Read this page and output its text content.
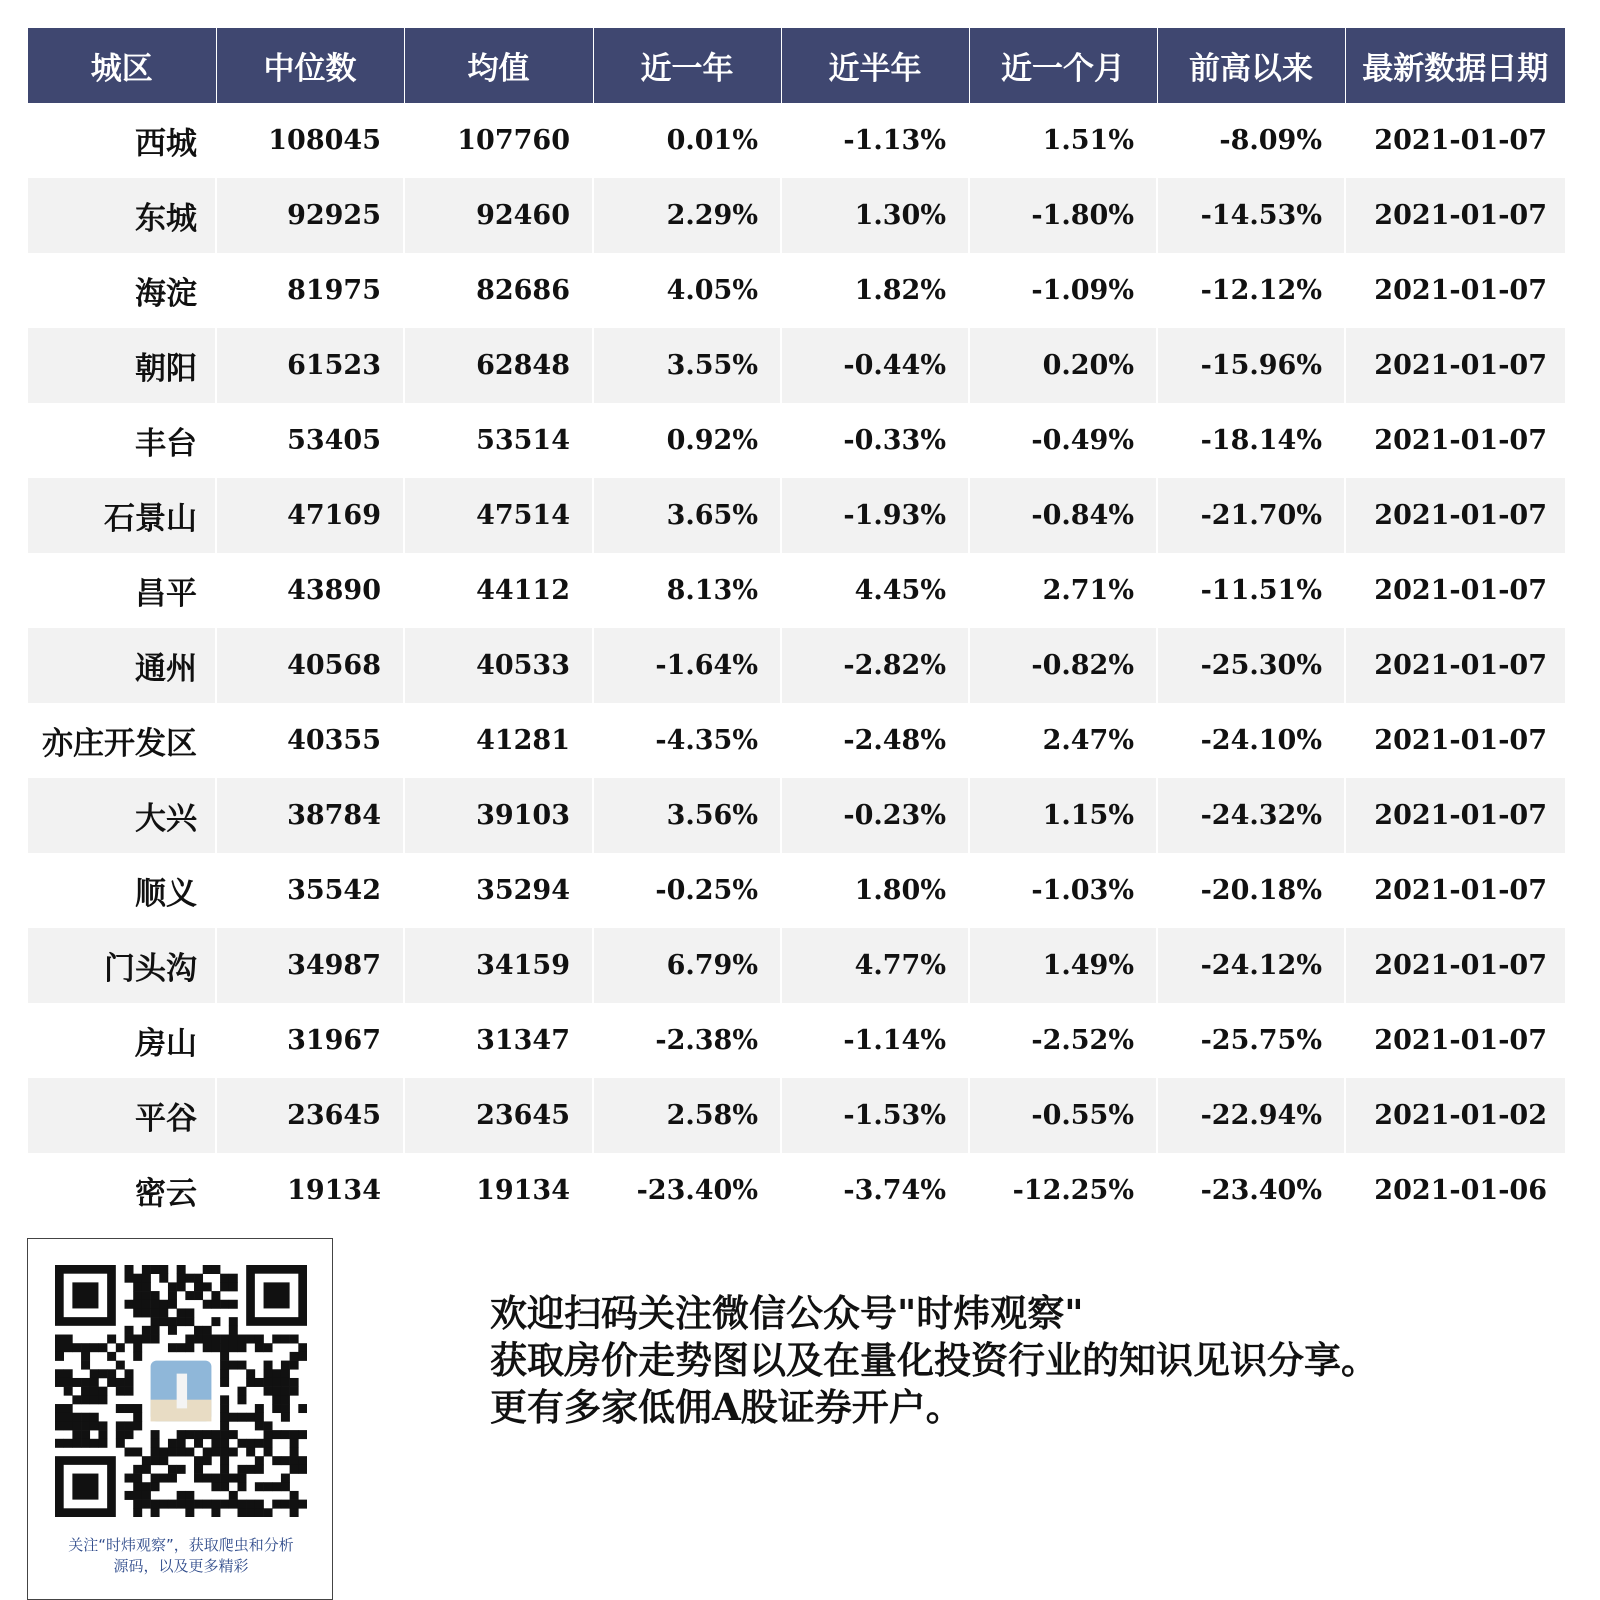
城区	中位数	均值	近一年	近半年	近一个月	前高以来	最新数据日期
西城	108045	107760	0.01%	-1.13%	1.51%	-8.09%	2021-01-07
东城	92925	92460	2.29%	1.30%	-1.80%	-14.53%	2021-01-07
海淀	81975	82686	4.05%	1.82%	-1.09%	-12.12%	2021-01-07
朝阳	61523	62848	3.55%	-0.44%	0.20%	-15.96%	2021-01-07
丰台	53405	53514	0.92%	-0.33%	-0.49%	-18.14%	2021-01-07
石景山	47169	47514	3.65%	-1.93%	-0.84%	-21.70%	2021-01-07
昌平	43890	44112	8.13%	4.45%	2.71%	-11.51%	2021-01-07
通州	40568	40533	-1.64%	-2.82%	-0.82%	-25.30%	2021-01-07
亦庄开发区	40355	41281	-4.35%	-2.48%	2.47%	-24.10%	2021-01-07
大兴	38784	39103	3.56%	-0.23%	1.15%	-24.32%	2021-01-07
顺义	35542	35294	-0.25%	1.80%	-1.03%	-20.18%	2021-01-07
门头沟	34987	34159	6.79%	4.77%	1.49%	-24.12%	2021-01-07
房山	31967	31347	-2.38%	-1.14%	-2.52%	-25.75%	2021-01-07
平谷	23645	23645	2.58%	-1.53%	-0.55%	-22.94%	2021-01-02
密云	19134	19134	-23.40%	-3.74%	-12.25%	-23.40%	2021-01-06
关注“时炜观察”，获取爬虫和分析
源码，以及更多精彩
欢迎扫码关注微信公众号"时炜观察"
获取房价走势图以及在量化投资行业的知识见识分享。
更有多家低佣A股证券开户。
